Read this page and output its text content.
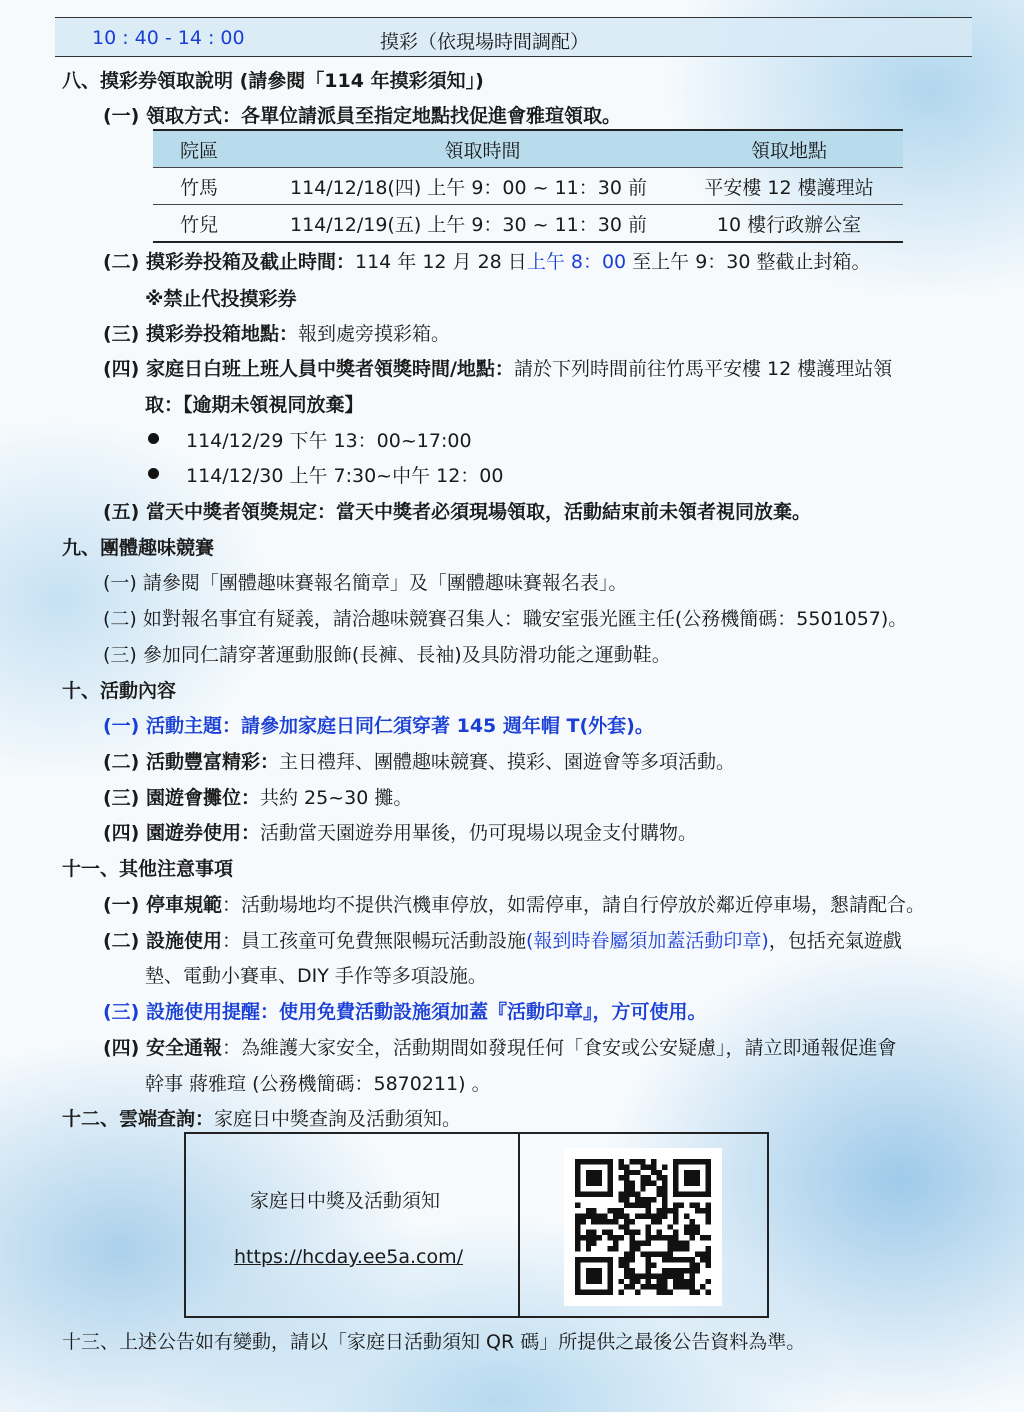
10 : 40 - 14 : 00	摸彩（依現場時間調配）
八、摸彩券領取說明 (請參閱「114 年摸彩須知」)
(一) 領取方式：各單位請派員至指定地點找促進會雅瑄領取。
院區	領取時間	領取地點
竹馬	114/12/18(四) 上午 9：00 ~ 11：30 前	平安樓 12 樓護理站
竹兒	114/12/19(五) 上午 9：30 ~ 11：30 前	10 樓行政辦公室
(二) 摸彩券投箱及截止時間：114 年 12 月 28 日上午 8：00 至上午 9：30 整截止封箱。
※禁止代投摸彩券
(三) 摸彩券投箱地點：報到處旁摸彩箱。
(四) 家庭日白班上班人員中獎者領獎時間/地點：請於下列時間前往竹馬平安樓 12 樓護理站領
取：【逾期未領視同放棄】
114/12/29 下午 13：00~17:00
114/12/30 上午 7:30~中午 12：00
(五) 當天中獎者領獎規定：當天中獎者必須現場領取，活動結束前未領者視同放棄。
九、團體趣味競賽
(一) 請參閱「團體趣味賽報名簡章」及「團體趣味賽報名表」。
(二) 如對報名事宜有疑義，請洽趣味競賽召集人：職安室張光匯主任(公務機簡碼：5501057)。
(三) 參加同仁請穿著運動服飾(長褲、長袖)及具防滑功能之運動鞋。
十、活動內容
(一) 活動主題：請參加家庭日同仁須穿著 145 週年帽 T(外套)。
(二) 活動豐富精彩：主日禮拜、團體趣味競賽、摸彩、園遊會等多項活動。
(三) 園遊會攤位：共約 25~30 攤。
(四) 園遊券使用：活動當天園遊券用畢後，仍可現場以現金支付購物。
十一、其他注意事項
(一) 停車規範：活動場地均不提供汽機車停放，如需停車，請自行停放於鄰近停車場，懇請配合。
(二) 設施使用：員工孩童可免費無限暢玩活動設施(報到時眷屬須加蓋活動印章)，包括充氣遊戲
墊、電動小賽車、DIY 手作等多項設施。
(三) 設施使用提醒：使用免費活動設施須加蓋『活動印章』，方可使用。
(四) 安全通報：為維護大家安全，活動期間如發現任何「食安或公安疑慮」，請立即通報促進會
幹事 蔣雅瑄 (公務機簡碼：5870211) 。
十二、雲端查詢：家庭日中獎查詢及活動須知。
家庭日中獎及活動須知
https://hcday.ee5a.com/
十三、上述公告如有變動，請以「家庭日活動須知 QR 碼」所提供之最後公告資料為準。
